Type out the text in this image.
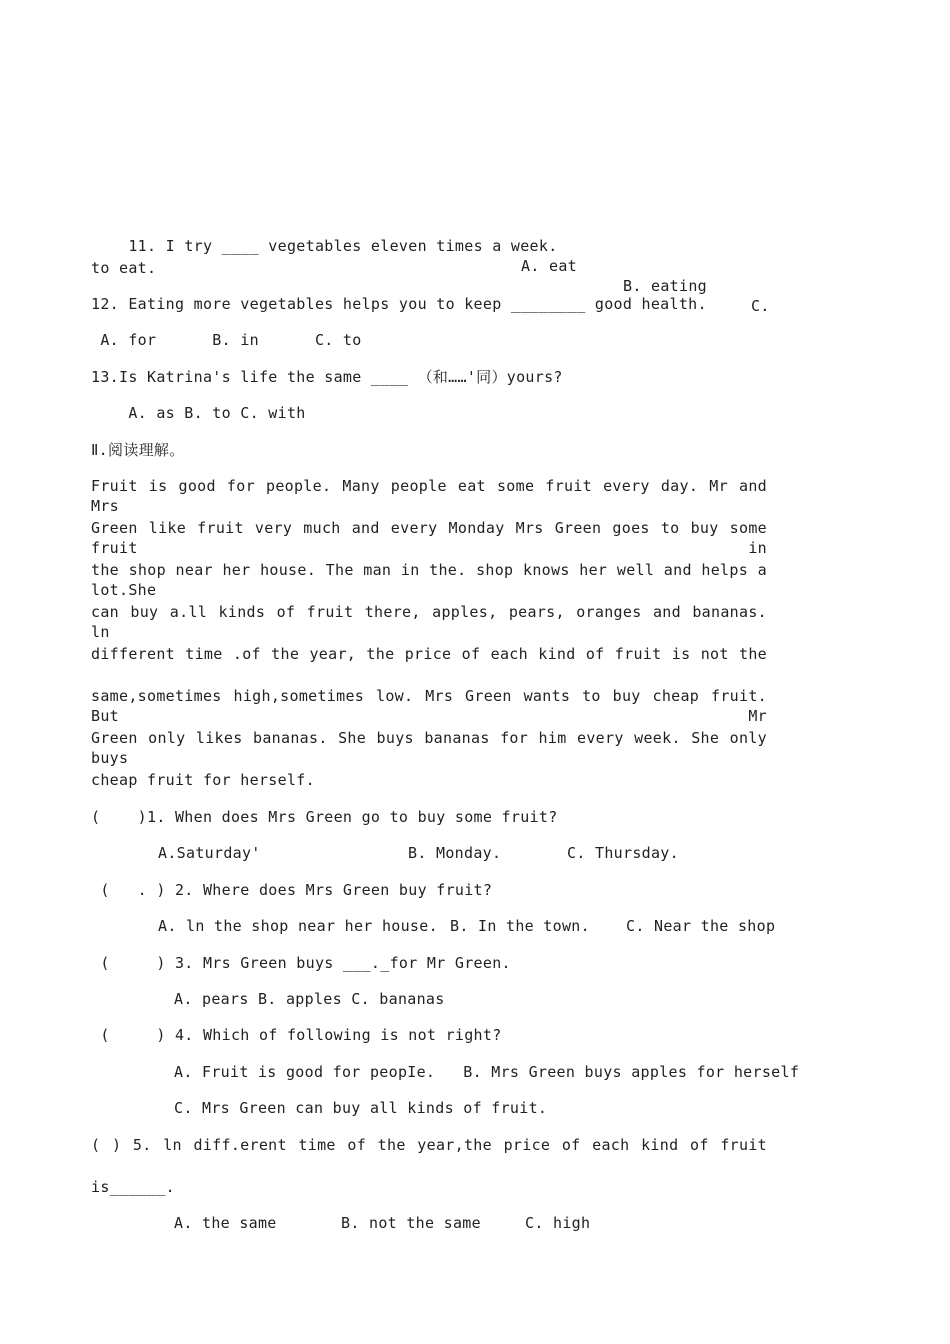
11. I try ____ vegetables eleven times a week.

A. eat

B. eating

C.

to eat.
12. Eating more vegetables helps you to keep ________ good health.
A. for      B. in      C. to
13.Is Katrina's life the same ____ （和……'同）yours?
A. as B. to C. with
Ⅱ.阅读理解。
Fruit is good for people. Many people eat some fruit every day. Mr and Mrs
Green like fruit very much and every Monday Mrs Green goes to buy some fruit in
the shop near her house. The man in the. shop knows her well and helps a lot.She
can buy a.ll kinds of fruit there, apples, pears, oranges and bananas. ln
different time .of the year, the price of each kind of fruit is not the
same,sometimes high,sometimes low. Mrs Green wants to buy cheap fruit. But Mr
Green only likes bananas. She buys bananas for him every week. She only buys
cheap fruit for herself.
(    )1. When does Mrs Green go to buy some fruit?
A.Saturday'	B. Monday.	C. Thursday.
(   . ) 2. Where does Mrs Green buy fruit?
A. ln the shop near her house. B. In the town. C. Near the shop
(     ) 3. Mrs Green buys ___._for Mr Green.
A. pears B. apples C. bananas
(     ) 4. Which of following is not right?
A. Fruit is good for peopIe.   B. Mrs Green buys apples for herself
C. Mrs Green can buy all kinds of fruit.
( ) 5. ln diff.erent time of the year,the price of each kind of fruit
is______.
A. the same	B. not the same	C. high
